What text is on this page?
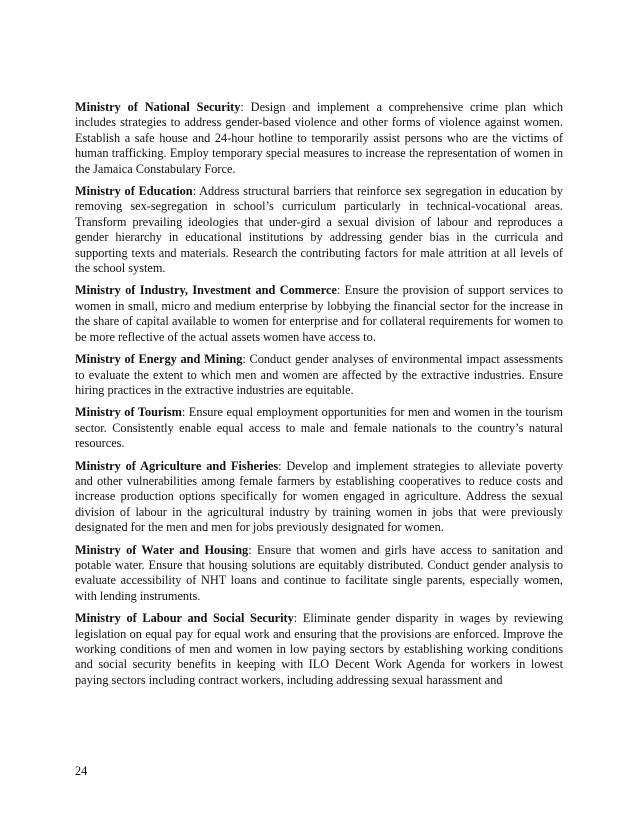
Ministry of National Security: Design and implement a comprehensive crime plan which includes strategies to address gender-based violence and other forms of violence against women. Establish a safe house and 24-hour hotline to temporarily assist persons who are the victims of human trafficking. Employ temporary special measures to increase the representation of women in the Jamaica Constabulary Force.

Ministry of Education: Address structural barriers that reinforce sex segregation in education by removing sex-segregation in school’s curriculum particularly in technical-vocational areas. Transform prevailing ideologies that under-gird a sexual division of labour and reproduces a gender hierarchy in educational institutions by addressing gender bias in the curricula and supporting texts and materials. Research the contributing factors for male attrition at all levels of the school system.

Ministry of Industry, Investment and Commerce: Ensure the provision of support services to women in small, micro and medium enterprise by lobbying the financial sector for the increase in the share of capital available to women for enterprise and for collateral requirements for women to be more reflective of the actual assets women have access to.

Ministry of Energy and Mining: Conduct gender analyses of environmental impact assessments to evaluate the extent to which men and women are affected by the extractive industries. Ensure hiring practices in the extractive industries are equitable.

Ministry of Tourism: Ensure equal employment opportunities for men and women in the tourism sector. Consistently enable equal access to male and female nationals to the country’s natural resources.

Ministry of Agriculture and Fisheries: Develop and implement strategies to alleviate poverty and other vulnerabilities among female farmers by establishing cooperatives to reduce costs and increase production options specifically for women engaged in agriculture. Address the sexual division of labour in the agricultural industry by training women in jobs that were previously designated for the men and men for jobs previously designated for women.

Ministry of Water and Housing: Ensure that women and girls have access to sanitation and potable water. Ensure that housing solutions are equitably distributed. Conduct gender analysis to evaluate accessibility of NHT loans and continue to facilitate single parents, especially women, with lending instruments.

Ministry of Labour and Social Security: Eliminate gender disparity in wages by reviewing legislation on equal pay for equal work and ensuring that the provisions are enforced. Improve the working conditions of men and women in low paying sectors by establishing working conditions and social security benefits in keeping with ILO Decent Work Agenda for workers in lowest paying sectors including contract workers, including addressing sexual harassment and

24
